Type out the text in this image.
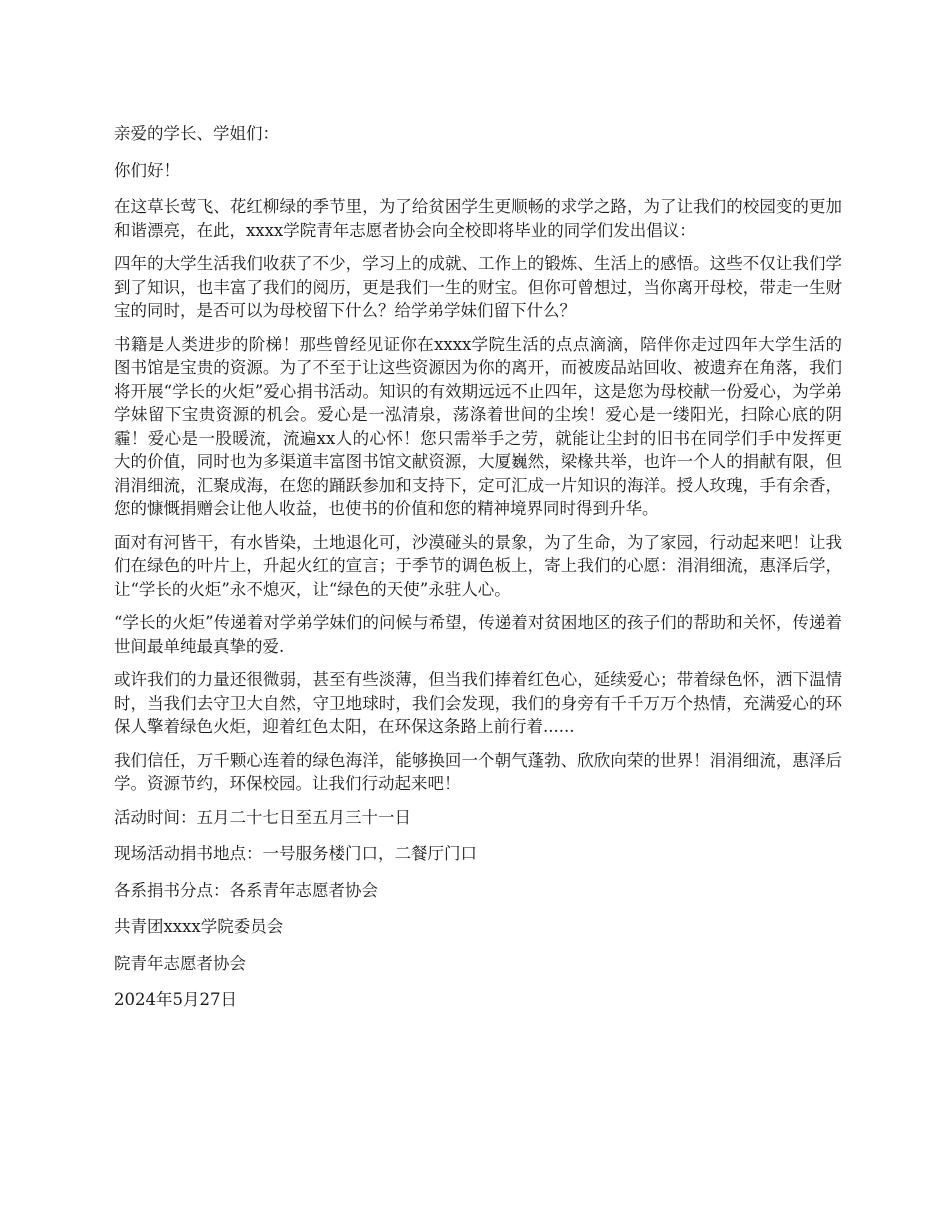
亲爱的学长、学姐们：

你们好！

在这草长莺飞、花红柳绿的季节里，为了给贫困学生更顺畅的求学之路，为了让我们的校园变的更加和谐漂亮，在此，xxxx学院青年志愿者协会向全校即将毕业的同学们发出倡议：

四年的大学生活我们收获了不少，学习上的成就、工作上的锻炼、生活上的感悟。这些不仅让我们学到了知识，也丰富了我们的阅历，更是我们一生的财宝。但你可曾想过，当你离开母校，带走一生财宝的同时，是否可以为母校留下什么？给学弟学妹们留下什么？

书籍是人类进步的阶梯！那些曾经见证你在xxxx学院生活的点点滴滴，陪伴你走过四年大学生活的图书馆是宝贵的资源。为了不至于让这些资源因为你的离开，而被废品站回收、被遗弃在角落，我们将开展“学长的火炬”爱心捐书活动。知识的有效期远远不止四年，这是您为母校献一份爱心，为学弟学妹留下宝贵资源的机会。爱心是一泓清泉，荡涤着世间的尘埃！爱心是一缕阳光，扫除心底的阴霾！爱心是一股暖流，流遍xx人的心怀！您只需举手之劳，就能让尘封的旧书在同学们手中发挥更大的价值，同时也为多渠道丰富图书馆文献资源，大厦巍然，梁椽共举，也许一个人的捐献有限，但涓涓细流，汇聚成海，在您的踊跃参加和支持下，定可汇成一片知识的海洋。授人玫瑰，手有余香，您的慷慨捐赠会让他人收益，也使书的价值和您的精神境界同时得到升华。

面对有河皆干，有水皆染，土地退化可，沙漠碰头的景象，为了生命，为了家园，行动起来吧！让我们在绿色的叶片上，升起火红的宣言；于季节的调色板上，寄上我们的心愿：涓涓细流，惠泽后学，让“学长的火炬”永不熄灭，让“绿色的天使”永驻人心。

“学长的火炬”传递着对学弟学妹们的问候与希望，传递着对贫困地区的孩子们的帮助和关怀，传递着世间最单纯最真挚的爱.

或许我们的力量还很微弱，甚至有些淡薄，但当我们捧着红色心，延续爱心；带着绿色怀，洒下温情时，当我们去守卫大自然，守卫地球时，我们会发现，我们的身旁有千千万万个热情，充满爱心的环保人擎着绿色火炬，迎着红色太阳，在环保这条路上前行着......

我们信任，万千颗心连着的绿色海洋，能够换回一个朝气蓬勃、欣欣向荣的世界！涓涓细流，惠泽后学。资源节约，环保校园。让我们行动起来吧！

活动时间：五月二十七日至五月三十一日

现场活动捐书地点：一号服务楼门口，二餐厅门口

各系捐书分点：各系青年志愿者协会

共青团xxxx学院委员会

院青年志愿者协会

2024年5月27日
